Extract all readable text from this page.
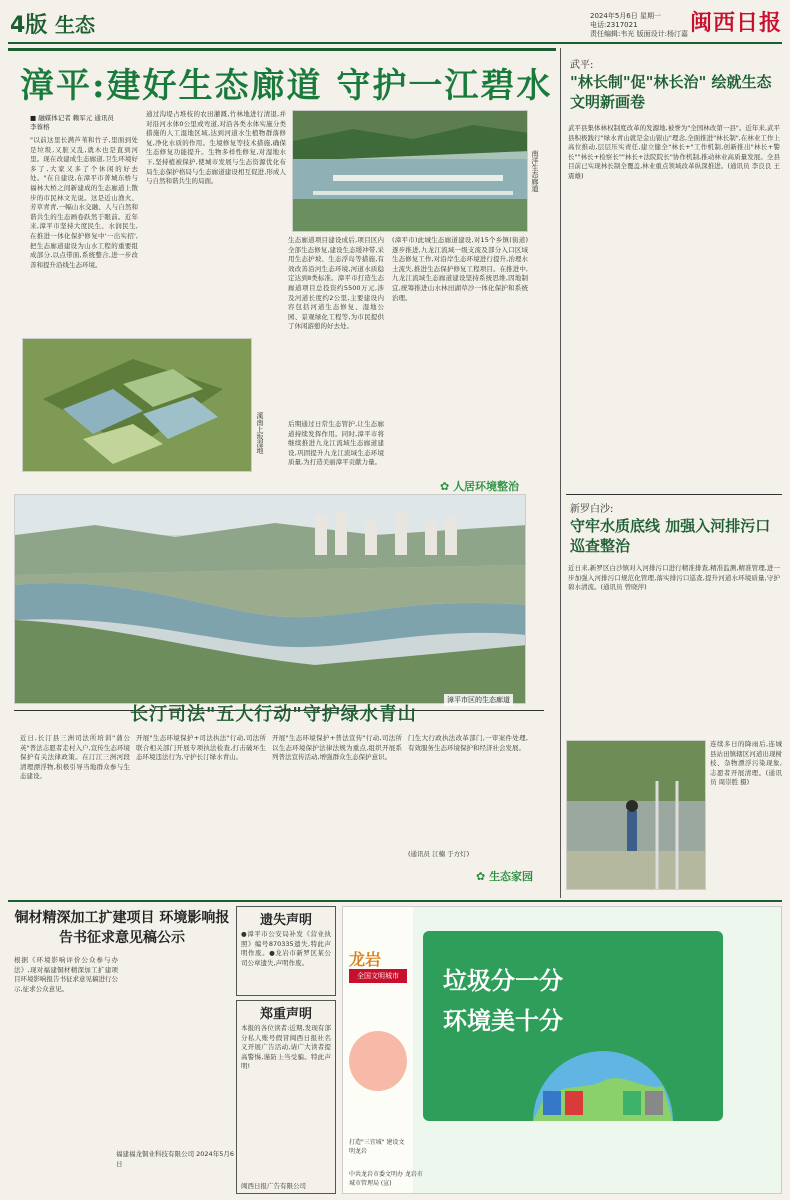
4版 生态	2024年5月6日 星期一
电话:2317021
责任编辑:韦光 版面设计:杨汀嘉 闽西日报
漳平:建好生态廊道 守护一江碧水
■ 融媒体记者 赖军元 通讯员 李蓉榕
"以前这里长满芦苇和竹子,里面到处是垃圾,又脏又乱,就木也是直到河里。现在改建成生态廊道,卫生环境好多了,大家又多了个休闲的好去处。"在自建设,在漳平市菁城东桥与福林大桥之间新建成的生态廊道上散步的市民林文光说。这是近山渔火、芳草青青,一幅山水交融、人与自然和谐共生的生态画卷跃然于眼前。近年来,漳平市坚持大度民生、水润民生,在推进一体化保护修复中'一出实招',把生态廊道建设为山水工程的重要组成部分,以点带面,系统整合,进一步改善和提升沿线生态环境。
通过沟堤占堆枝的农田灌溉,竹林地进行清退,并对沿河水体0公里或弯道,对沿各类水体实施分类措施的人工湿地区域,达到河道水生植物群落修复,净化水质的作用。生境修复等技术措施,确保生态修复功能提升。生物多样性修复,对湿地水下,坚持植被保护,使城市发展与生态资源优化布局生态保护格局与生态廊道建设相互促进,形成人与自然和谐共生的局面。	南洋生态廊道
溪南上坂湿地
生态廊道项目建设成后,项目区内全部生态修复,建设生态缓冲带,采用生态护坡、生态浮岛等措施,有效改善沿河生态环境,河道水质稳定达到Ⅱ类标准。漳平市打造生态廊道项目总投资约5500万元,涉及河道长度约2公里,主要建设内容包括河道生态修复、湿地公园、景观绿化工程等,为市民提供了休闲游憩的好去处。
(漳平市)此城生态廊道建设,对15个乡镇(街道)逐步推进,九龙江流域一级支流及部分入口区域生态修复工作,对沿岸生态环境进行提升,治理水土流失,推进生态保护修复工程项目。在推进中,九龙江流域生态廊道建设坚持系统思维,因地制宜,统筹推进山水林田湖草沙一体化保护和系统治理。
后期通过日常生态管护,让生态廊道持续发挥作用。同时,漳平市将继续推进九龙江流域生态廊道建设,巩固提升九龙江流域生态环境质量,为打造美丽漳平贡献力量。
✿ 人居环境整治
漳平市区的生态廊道
长汀司法"五大行动"守护绿水青山
近日,长汀县三洲司法所培训"蒲公英"普法志愿者走村入户,宣传生态环境保护有关法律政策。在汀江三洲河段清理漂浮物,积极引导当地群众参与生态建设。
开展"生态环境保护+司法执法"行动,司法所联合相关部门开展专项执法检查,打击破坏生态环境违法行为,守护长汀绿水青山。
开展"生态环境保护+普法宣传"行动,司法所以生态环境保护法律法规为重点,组织开展系列普法宣传活动,增强群众生态保护意识。
门生大行政执法改革部门,一审案件处理,有效服务生态环境保护和经济社会发展。
(通讯员 江楠 于方灯)
✿ 生态家园
武平:
"林长制"促"林长治" 绘就生态文明新画卷
武平县集体林权制度改革的发源地,被誉为"全国林改第一县"。近年来,武平县积极践行"绿水青山就是金山银山"理念,全面推进"林长制",在林业工作上高位推动,层层压实责任,建立健全"林长+"工作机制,创新推出"林长+警长""林长+检察长""林长+法院院长"协作机制,推动林业高质量发展。全县目前已实现林长制全覆盖,林业重点领域改革纵深推进。(通讯员 李良良 王震雄)
新罗白沙:
守牢水质底线 加强入河排污口巡查整治
近日来,新罗区白沙镇对入河排污口进行精准排查,精准监测,精准管理,进一步加强入河排污口规范化管理,落实排污口巡查,提升河道水环境质量,守护碧水清流。(通讯员 曾晓萍)
连续多日的降雨后,连城县站田镇辖区河道出现树枝、杂物漂浮污染现象,志愿者开展清理。(通讯员 周崇胜 摄)
铜材精深加工扩建项目 环境影响报告书征求意见稿公示
根据《环境影响评价公众参与办法》,现对福建铜材精深加工扩建项目环境影响报告书征求意见稿进行公示,征求公众意见。
福建福龙铜业科技有限公司 2024年5月6日
遗失声明
●漳平市公安局补发《营业执照》编号870335遗失,特此声明作废。●龙岩市新罗区某公司公章遗失,声明作废。
郑重声明
本报的各位读者:近期,发现有部分私人账号假冒闽西日报社名义开展广告活动,请广大读者提高警惕,谨防上当受骗。特此声明!
闽西日报广告有限公司
龙岩
全国文明城市	垃圾分一分
环境美十分
打造"三宜城" 建设文明龙岩
中共龙岩市委文明办 龙岩市城市管理局 (宣)
